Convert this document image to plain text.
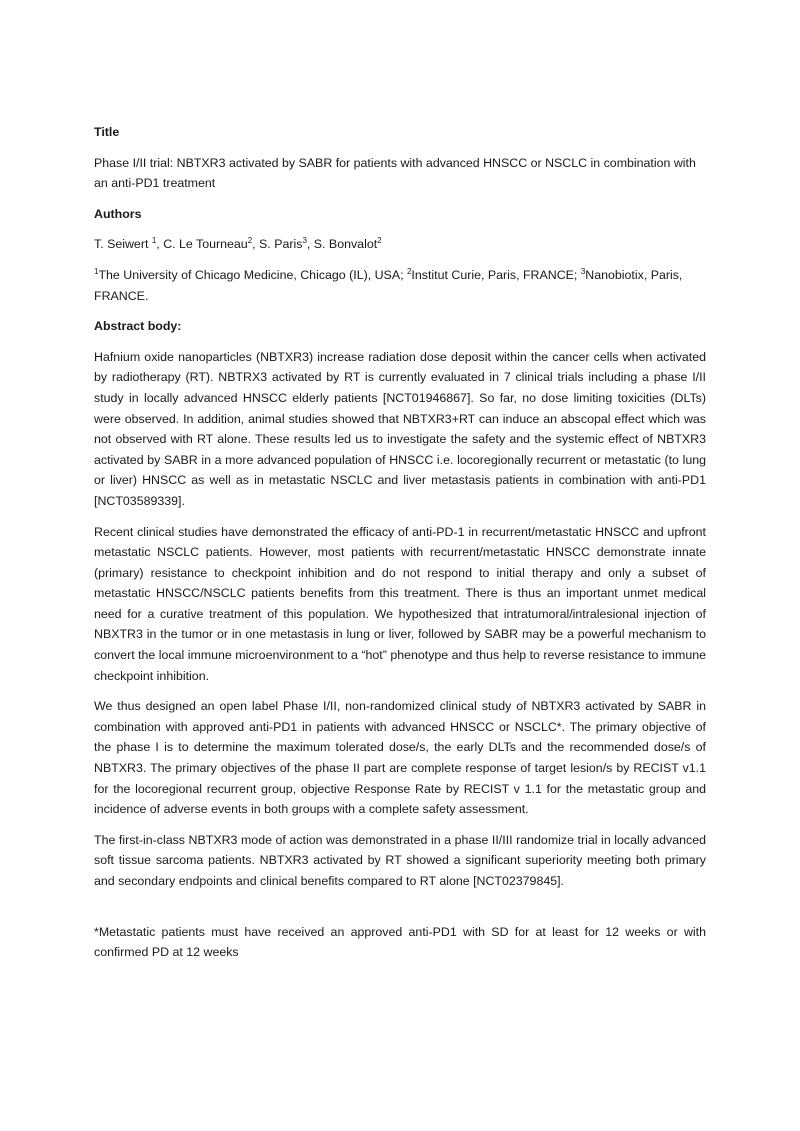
Title

Phase I/II trial: NBTXR3 activated by SABR for patients with advanced HNSCC or NSCLC in combination with an anti-PD1 treatment

Authors

T. Seiwert $^1$, C. Le Tourneau$^2$, S. Paris$^3$, S. Bonvalot$^2$

$^1$The University of Chicago Medicine, Chicago (IL), USA; $^2$Institut Curie, Paris, FRANCE; $^3$Nanobiotix, Paris, FRANCE.

Abstract body:

Hafnium oxide nanoparticles (NBTXR3) increase radiation dose deposit within the cancer cells when activated by radiotherapy (RT). NBTRX3 activated by RT is currently evaluated in 7 clinical trials including a phase I/II study in locally advanced HNSCC elderly patients [NCT01946867]. So far, no dose limiting toxicities (DLTs) were observed. In addition, animal studies showed that NBTXR3+RT can induce an abscopal effect which was not observed with RT alone. These results led us to investigate the safety and the systemic effect of NBTXR3 activated by SABR in a more advanced population of HNSCC i.e. locoregionally recurrent or metastatic (to lung or liver) HNSCC as well as in metastatic NSCLC and liver metastasis patients in combination with anti-PD1 [NCT03589339].

Recent clinical studies have demonstrated the efficacy of anti-PD-1 in recurrent/metastatic HNSCC and upfront metastatic NSCLC patients. However, most patients with recurrent/metastatic HNSCC demonstrate innate (primary) resistance to checkpoint inhibition and do not respond to initial therapy and only a subset of metastatic HNSCC/NSCLC patients benefits from this treatment. There is thus an important unmet medical need for a curative treatment of this population. We hypothesized that intratumoral/intralesional injection of NBXTR3 in the tumor or in one metastasis in lung or liver, followed by SABR may be a powerful mechanism to convert the local immune microenvironment to a “hot” phenotype and thus help to reverse resistance to immune checkpoint inhibition.

We thus designed an open label Phase I/II, non-randomized clinical study of NBTXR3 activated by SABR in combination with approved anti-PD1 in patients with advanced HNSCC or NSCLC*. The primary objective of the phase I is to determine the maximum tolerated dose/s, the early DLTs and the recommended dose/s of NBTXR3. The primary objectives of the phase II part are complete response of target lesion/s by RECIST v1.1 for the locoregional recurrent group, objective Response Rate by RECIST v 1.1 for the metastatic group and incidence of adverse events in both groups with a complete safety assessment.

The first-in-class NBTXR3 mode of action was demonstrated in a phase II/III randomize trial in locally advanced soft tissue sarcoma patients. NBTXR3 activated by RT showed a significant superiority meeting both primary and secondary endpoints and clinical benefits compared to RT alone [NCT02379845].

*Metastatic patients must have received an approved anti-PD1 with SD for at least for 12 weeks or with confirmed PD at 12 weeks
